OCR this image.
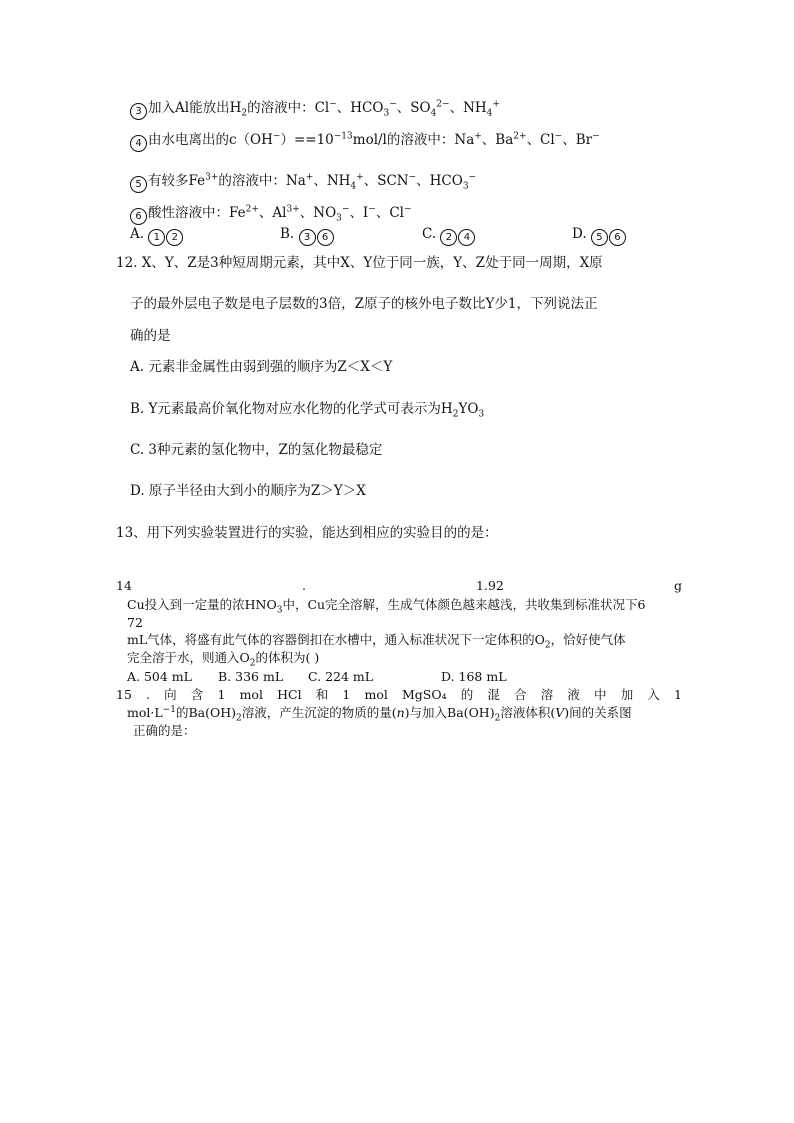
3 加入Al能放出$H_2$的溶液中：Cl−、$HCO_3^-$、$SO_4^{2-}$、$NH_4^+$
4 由水电离出的$c(OH^-)==10^{-13}mol/l$的溶液中：Na+、$Ba^{2+}$、Cl−、Br−
5 有较多$Fe^{3+}$的溶液中：Na+、$NH_4^+$、SCN−、$HCO_3^-$
6 酸性溶液中：$Fe^{2+}$、$Al^{3+}$、$NO_3^-$、I−、Cl−
A. 1 2	B. 3 6	C. 2 4	D. 5 6
12. X、Y、Z是3种短周期元素，其中X、Y位于同一族，Y、Z处于同一周期，X原
子的最外层电子数是电子层数的3倍，Z原子的核外电子数比Y少1，下列说法正
确的是
A. 元素非金属性由弱到强的顺序为Z＜X＜Y
B. Y元素最高价氧化物对应水化物的化学式可表示为$H_2YO_3$
C. 3种元素的氢化物中，Z的氢化物最稳定
D. 原子半径由大到小的顺序为Z＞Y＞X
13、用下列实验装置进行的实验，能达到相应的实验目的的是：
14	.	1.92	g
Cu投入到一定量的浓$HNO_3$中，Cu完全溶解，生成气体颜色越来越浅，共收集到标准状况下6
72
mL气体，将盛有此气体的容器倒扣在水槽中，通入标准状况下一定体积的$O_2$，恰好使气体
完全溶于水，则通入$O_2$的体积为( )
A. 504 mL B. 336 mL C. 224 mL	D. 168 mL
15 . 向 含 1 mol HCl 和 1 mol MgSO₄ 的 混 合 溶 液 中 加 入 1
$mol\cdot L^{-1}$的$Ba(OH)_2$溶液，产生沉淀的物质的量(n)与加入$Ba(OH)_2$溶液体积(V)间的关系图
正确的是：
